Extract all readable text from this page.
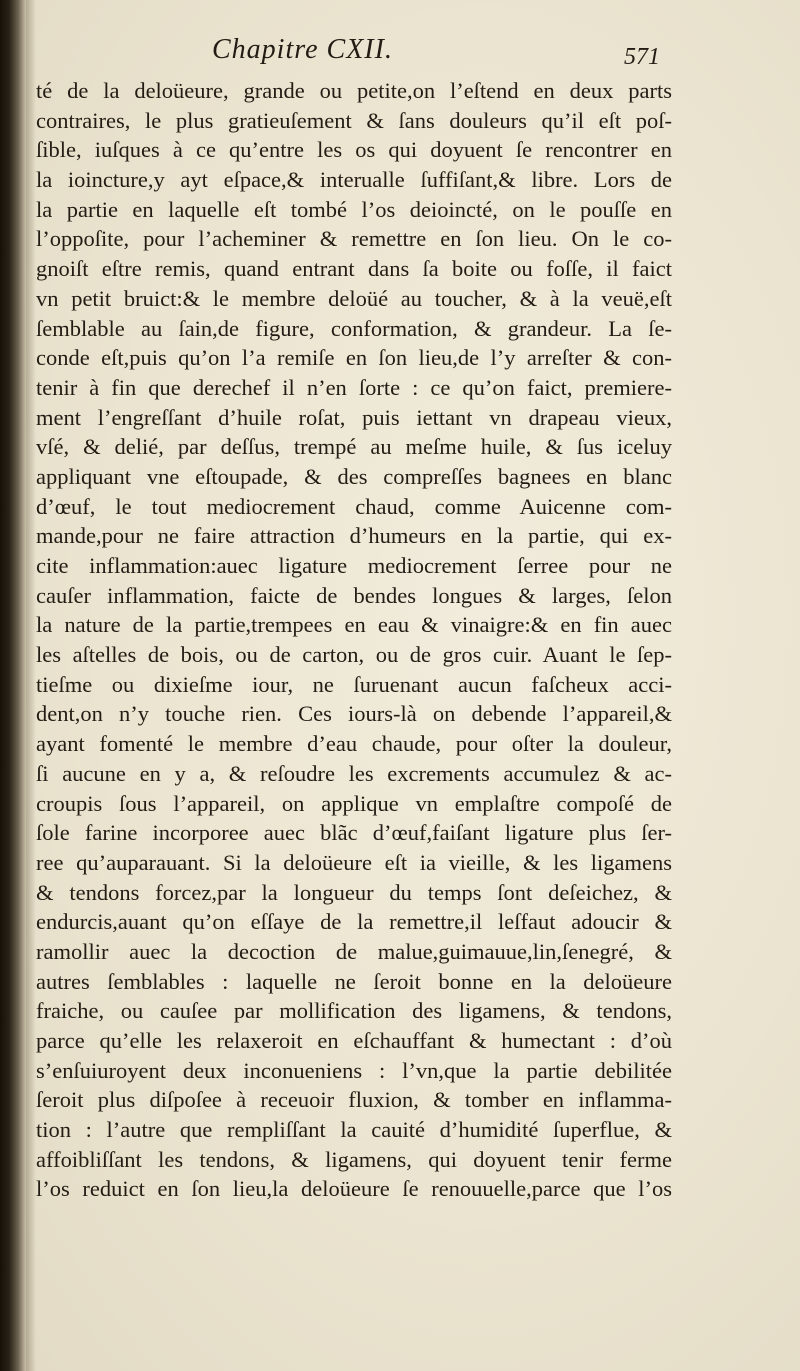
Chapitre CXII.	571
té de la deloüeure, grande ou petite,on l’eſtend en deux parts
contraires, le plus gratieuſement & ſans douleurs qu’il eſt poſ-
ſible, iuſques à ce qu’entre les os qui doyuent ſe rencontrer en
la ioincture,y ayt eſpace,& interualle ſuffiſant,& libre. Lors de
la partie en laquelle eſt tombé l’os deioincté, on le pouſſe en
l’oppoſite, pour l’acheminer & remettre en ſon lieu. On le co-
gnoiſt eſtre remis, quand entrant dans ſa boite ou foſſe, il faict
vn petit bruict:& le membre deloüé au toucher, & à la veuë,eſt
ſemblable au ſain,de figure, conformation, & grandeur. La ſe-
conde eſt,puis qu’on l’a remiſe en ſon lieu,de l’y arreſter & con-
tenir à fin que derechef il n’en ſorte : ce qu’on faict, premiere-
ment l’engreſſant d’huile roſat, puis iettant vn drapeau vieux,
vſé, & delié, par deſſus, trempé au meſme huile, & ſus iceluy
appliquant vne eſtoupade, & des compreſſes bagnees en blanc
d’œuf, le tout mediocrement chaud, comme Auicenne com-
mande,pour ne faire attraction d’humeurs en la partie, qui ex-
cite inflammation:auec ligature mediocrement ſerree pour ne
cauſer inflammation, faicte de bendes longues & larges, ſelon
la nature de la partie,trempees en eau & vinaigre:& en fin auec
les aſtelles de bois, ou de carton, ou de gros cuir. Auant le ſep-
tieſme ou dixieſme iour, ne ſuruenant aucun faſcheux acci-
dent,on n’y touche rien. Ces iours-là on debende l’appareil,&
ayant fomenté le membre d’eau chaude, pour oſter la douleur,
ſi aucune en y a, & reſoudre les excrements accumulez & ac-
croupis ſous l’appareil, on applique vn emplaſtre compoſé de
ſole farine incorporee auec blãc d’œuf,faiſant ligature plus ſer-
ree qu’auparauant. Si la deloüeure eſt ia vieille, & les ligamens
& tendons forcez,par la longueur du temps ſont deſeichez, &
endurcis,auant qu’on eſſaye de la remettre,il leſfaut adoucir &
ramollir auec la decoction de malue,guimauue,lin,ſenegré, &
autres ſemblables : laquelle ne ſeroit bonne en la deloüeure
fraiche, ou cauſee par mollification des ligamens, & tendons,
parce qu’elle les relaxeroit en eſchauffant & humectant : d’où
s’enſuiuroyent deux inconueniens : l’vn,que la partie debilitée
ſeroit plus diſpoſee à receuoir fluxion, & tomber en inflamma-
tion : l’autre que rempliſſant la cauité d’humidité ſuperflue, &
affoibliſſant les tendons, & ligamens, qui doyuent tenir ferme
l’os reduict en ſon lieu,la deloüeure ſe renouuelle,parce que l’os
